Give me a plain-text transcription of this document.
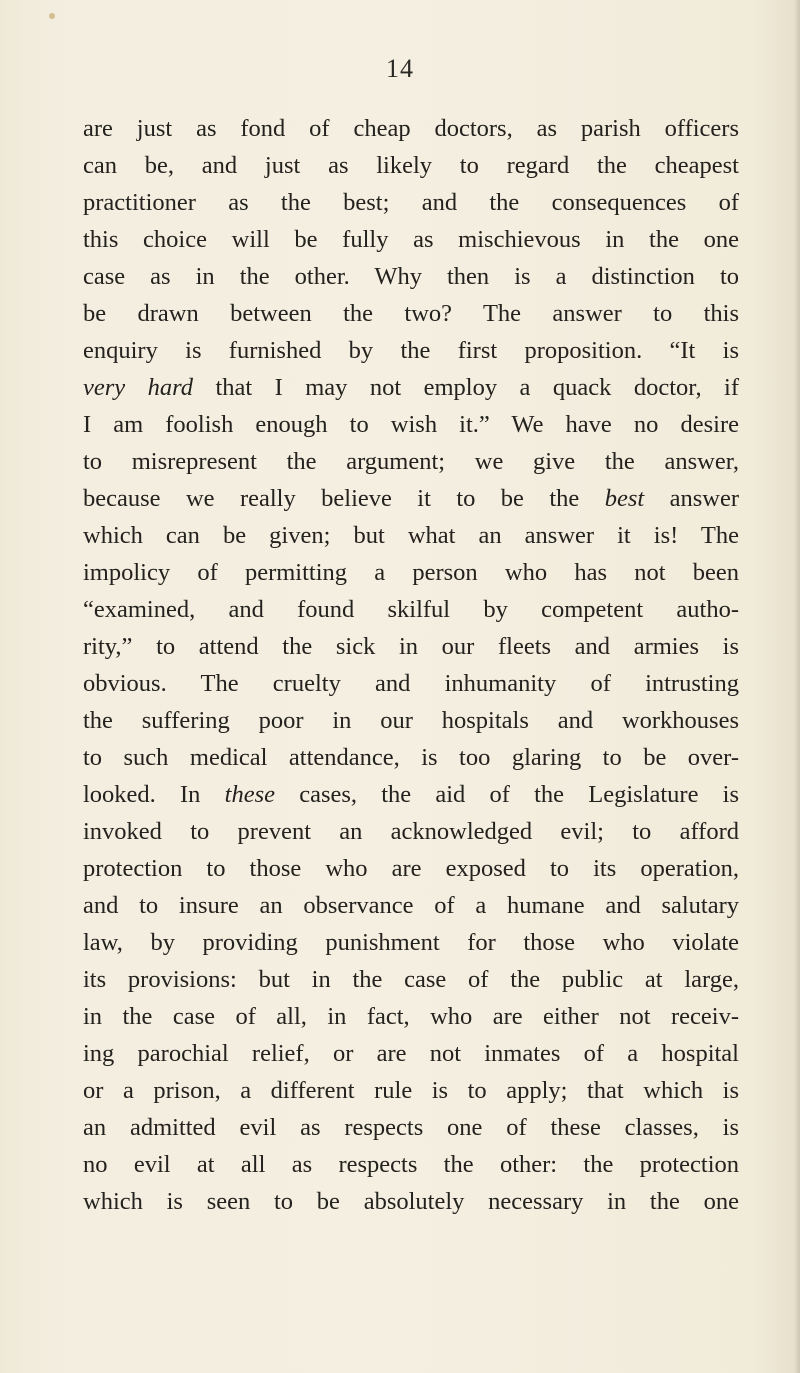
14
are just as fond of cheap doctors, as parish officers
can be, and just as likely to regard the cheapest
practitioner as the best; and the consequences of
this choice will be fully as mischievous in the one
case as in the other. Why then is a distinction to
be drawn between the two? The answer to this
enquiry is furnished by the first proposition. “It is
very hard that I may not employ a quack doctor, if
I am foolish enough to wish it.” We have no desire
to misrepresent the argument; we give the answer,
because we really believe it to be the best answer
which can be given; but what an answer it is! The
impolicy of permitting a person who has not been
“examined, and found skilful by competent autho-
rity,” to attend the sick in our fleets and armies is
obvious. The cruelty and inhumanity of intrusting
the suffering poor in our hospitals and workhouses
to such medical attendance, is too glaring to be over-
looked. In these cases, the aid of the Legislature is
invoked to prevent an acknowledged evil; to afford
protection to those who are exposed to its operation,
and to insure an observance of a humane and salutary
law, by providing punishment for those who violate
its provisions: but in the case of the public at large,
in the case of all, in fact, who are either not receiv-
ing parochial relief, or are not inmates of a hospital
or a prison, a different rule is to apply; that which is
an admitted evil as respects one of these classes, is
no evil at all as respects the other: the protection
which is seen to be absolutely necessary in the one
